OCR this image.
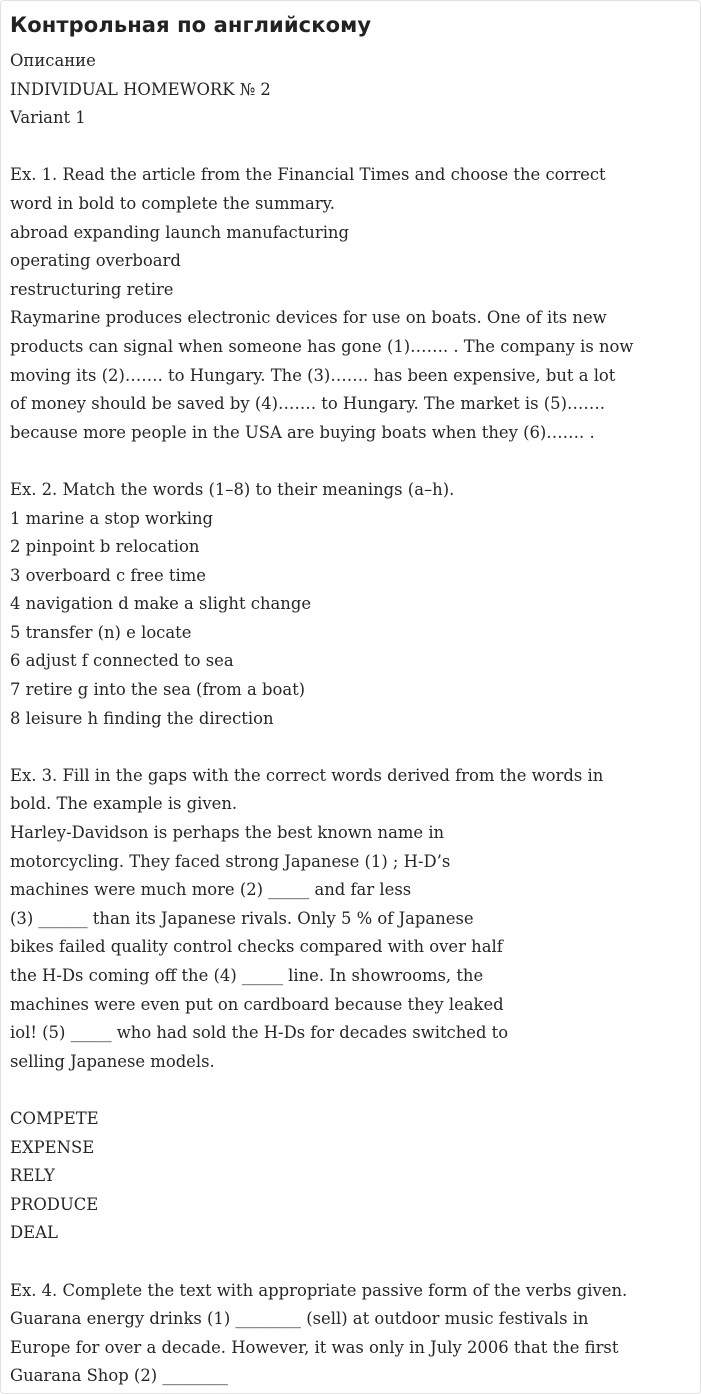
Контрольная по английскому
Описание
INDIVIDUAL HOMEWORK № 2
Variant 1
Ex. 1. Read the article from the Financial Times and choose the correct
word in bold to complete the summary.
abroad expanding launch manufacturing
operating overboard
restructuring retire
Raymarine produces electronic devices for use on boats. One of its new
products can signal when someone has gone (1)……. . The company is now
moving its (2)……. to Hungary. The (3)……. has been expensive, but a lot
of money should be saved by (4)……. to Hungary. The market is (5)…….
because more people in the USA are buying boats when they (6)……. .
Ex. 2. Match the words (1–8) to their meanings (a–h).
1 marine a stop working
2 pinpoint b relocation
3 overboard c free time
4 navigation d make a slight change
5 transfer (n) e locate
6 adjust f connected to sea
7 retire g into the sea (from a boat)
8 leisure h finding the direction
Ex. 3. Fill in the gaps with the correct words derived from the words in
bold. The example is given.
Harley-Davidson is perhaps the best known name in
motorcycling. They faced strong Japanese (1) ; H-D’s
machines were much more (2) _____ and far less
(3) ______ than its Japanese rivals. Only 5 % of Japanese
bikes failed quality control checks compared with over half
the H-Ds coming off the (4) _____ line. In showrooms, the
machines were even put on cardboard because they leaked
iol! (5) _____ who had sold the H-Ds for decades switched to
selling Japanese models.
COMPETE
EXPENSE
RELY
PRODUCE
DEAL
Ex. 4. Complete the text with appropriate passive form of the verbs given.
Guarana energy drinks (1) ________ (sell) at outdoor music festivals in
Europe for over a decade. However, it was only in July 2006 that the first
Guarana Shop (2) ________
